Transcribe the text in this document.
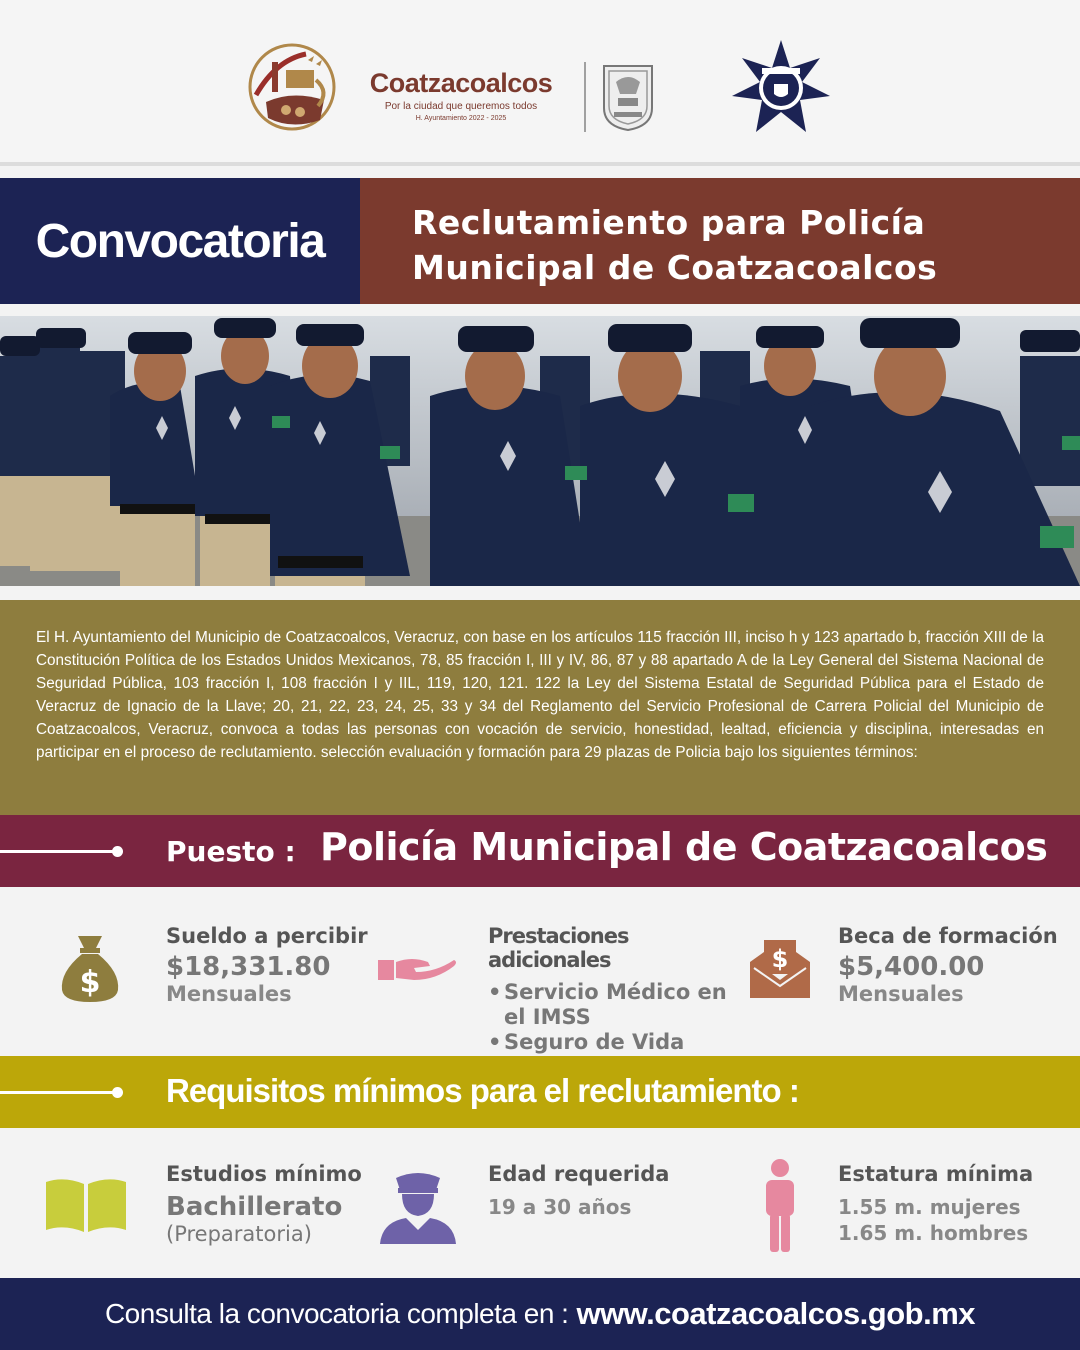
Coatzacoalcos
Por la ciudad que queremos todos
H. Ayuntamiento 2022 - 2025
Convocatoria	Reclutamiento para Policía
Municipal de Coatzacoalcos

El H. Ayuntamiento del Municipio de Coatzacoalcos, Veracruz, con base en los artículos 115 fracción III, inciso h y 123 apartado b, fracción XIII de la Constitución Política de los Estados Unidos Mexicanos, 78, 85 fracción I, III y IV, 86, 87 y 88 apartado A de la Ley General del Sistema Nacional de Seguridad Pública, 103 fracción I, 108 fracción I y IIL, 119, 120, 121. 122 la Ley del Sistema Estatal de Seguridad Pública para el Estado de Veracruz de Ignacio de la Llave; 20, 21, 22, 23, 24, 25, 33 y 34 del Reglamento del Servicio Profesional de Carrera Policial del Municipio de Coatzacoalcos, Veracruz, convoca a todas las personas con vocación de servicio, honestidad, lealtad, eficiencia y disciplina, interesadas en participar en el proceso de reclutamiento. selección evaluación y formación para 29 plazas de Policia bajo los siguientes términos:

Puesto : Policía Municipal de Coatzacoalcos
$
Sueldo a percibir
$18,331.80
Mensuales
Prestaciones adicionales
• Servicio Médico en el IMSS
• Seguro de Vida
$
Beca de formación
$5,400.00
Mensuales
Requisitos mínimos para el reclutamiento :
Estudios mínimo
Bachillerato
(Preparatoria)
Edad requerida
19 a 30 años
Estatura mínima
1.55 m. mujeres
1.65 m. hombres
Consulta la convocatoria completa en : www.coatzacoalcos.gob.mx
